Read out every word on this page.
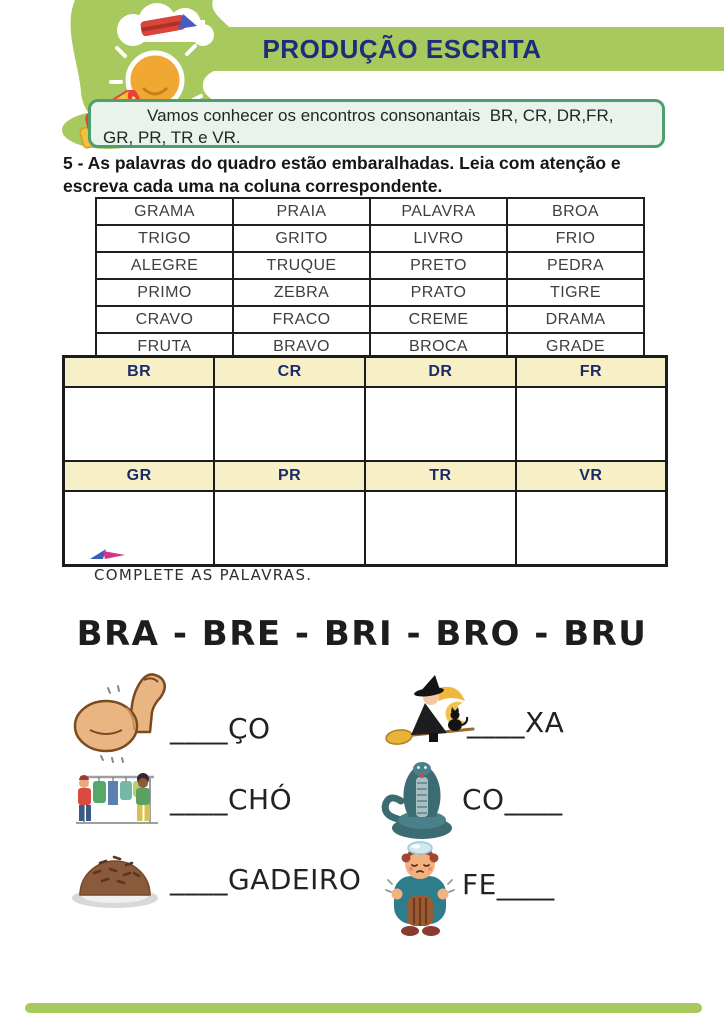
PRODUÇÃO ESCRITA
Vamos conhecer os encontros consonantais  BR, CR, DR,FR,
GR, PR, TR e VR.
5 - As palavras do quadro estão embaralhadas. Leia com atenção e
escreva cada uma na coluna correspondente.
GRAMA	PRAIA	PALAVRA	BROA
TRIGO	GRITO	LIVRO	FRIO
ALEGRE	TRUQUE	PRETO	PEDRA
PRIMO	ZEBRA	PRATO	TIGRE
CRAVO	FRACO	CREME	DRAMA
FRUTA	BRAVO	BROCA	GRADE
BR	CR	DR	FR

GR	PR	TR	VR

COMPLETE AS PALAVRAS.
BRA - BRE - BRI - BRO - BRU
____ÇO	____XA
____CHÓ	CO____
____GADEIRO	FE____
